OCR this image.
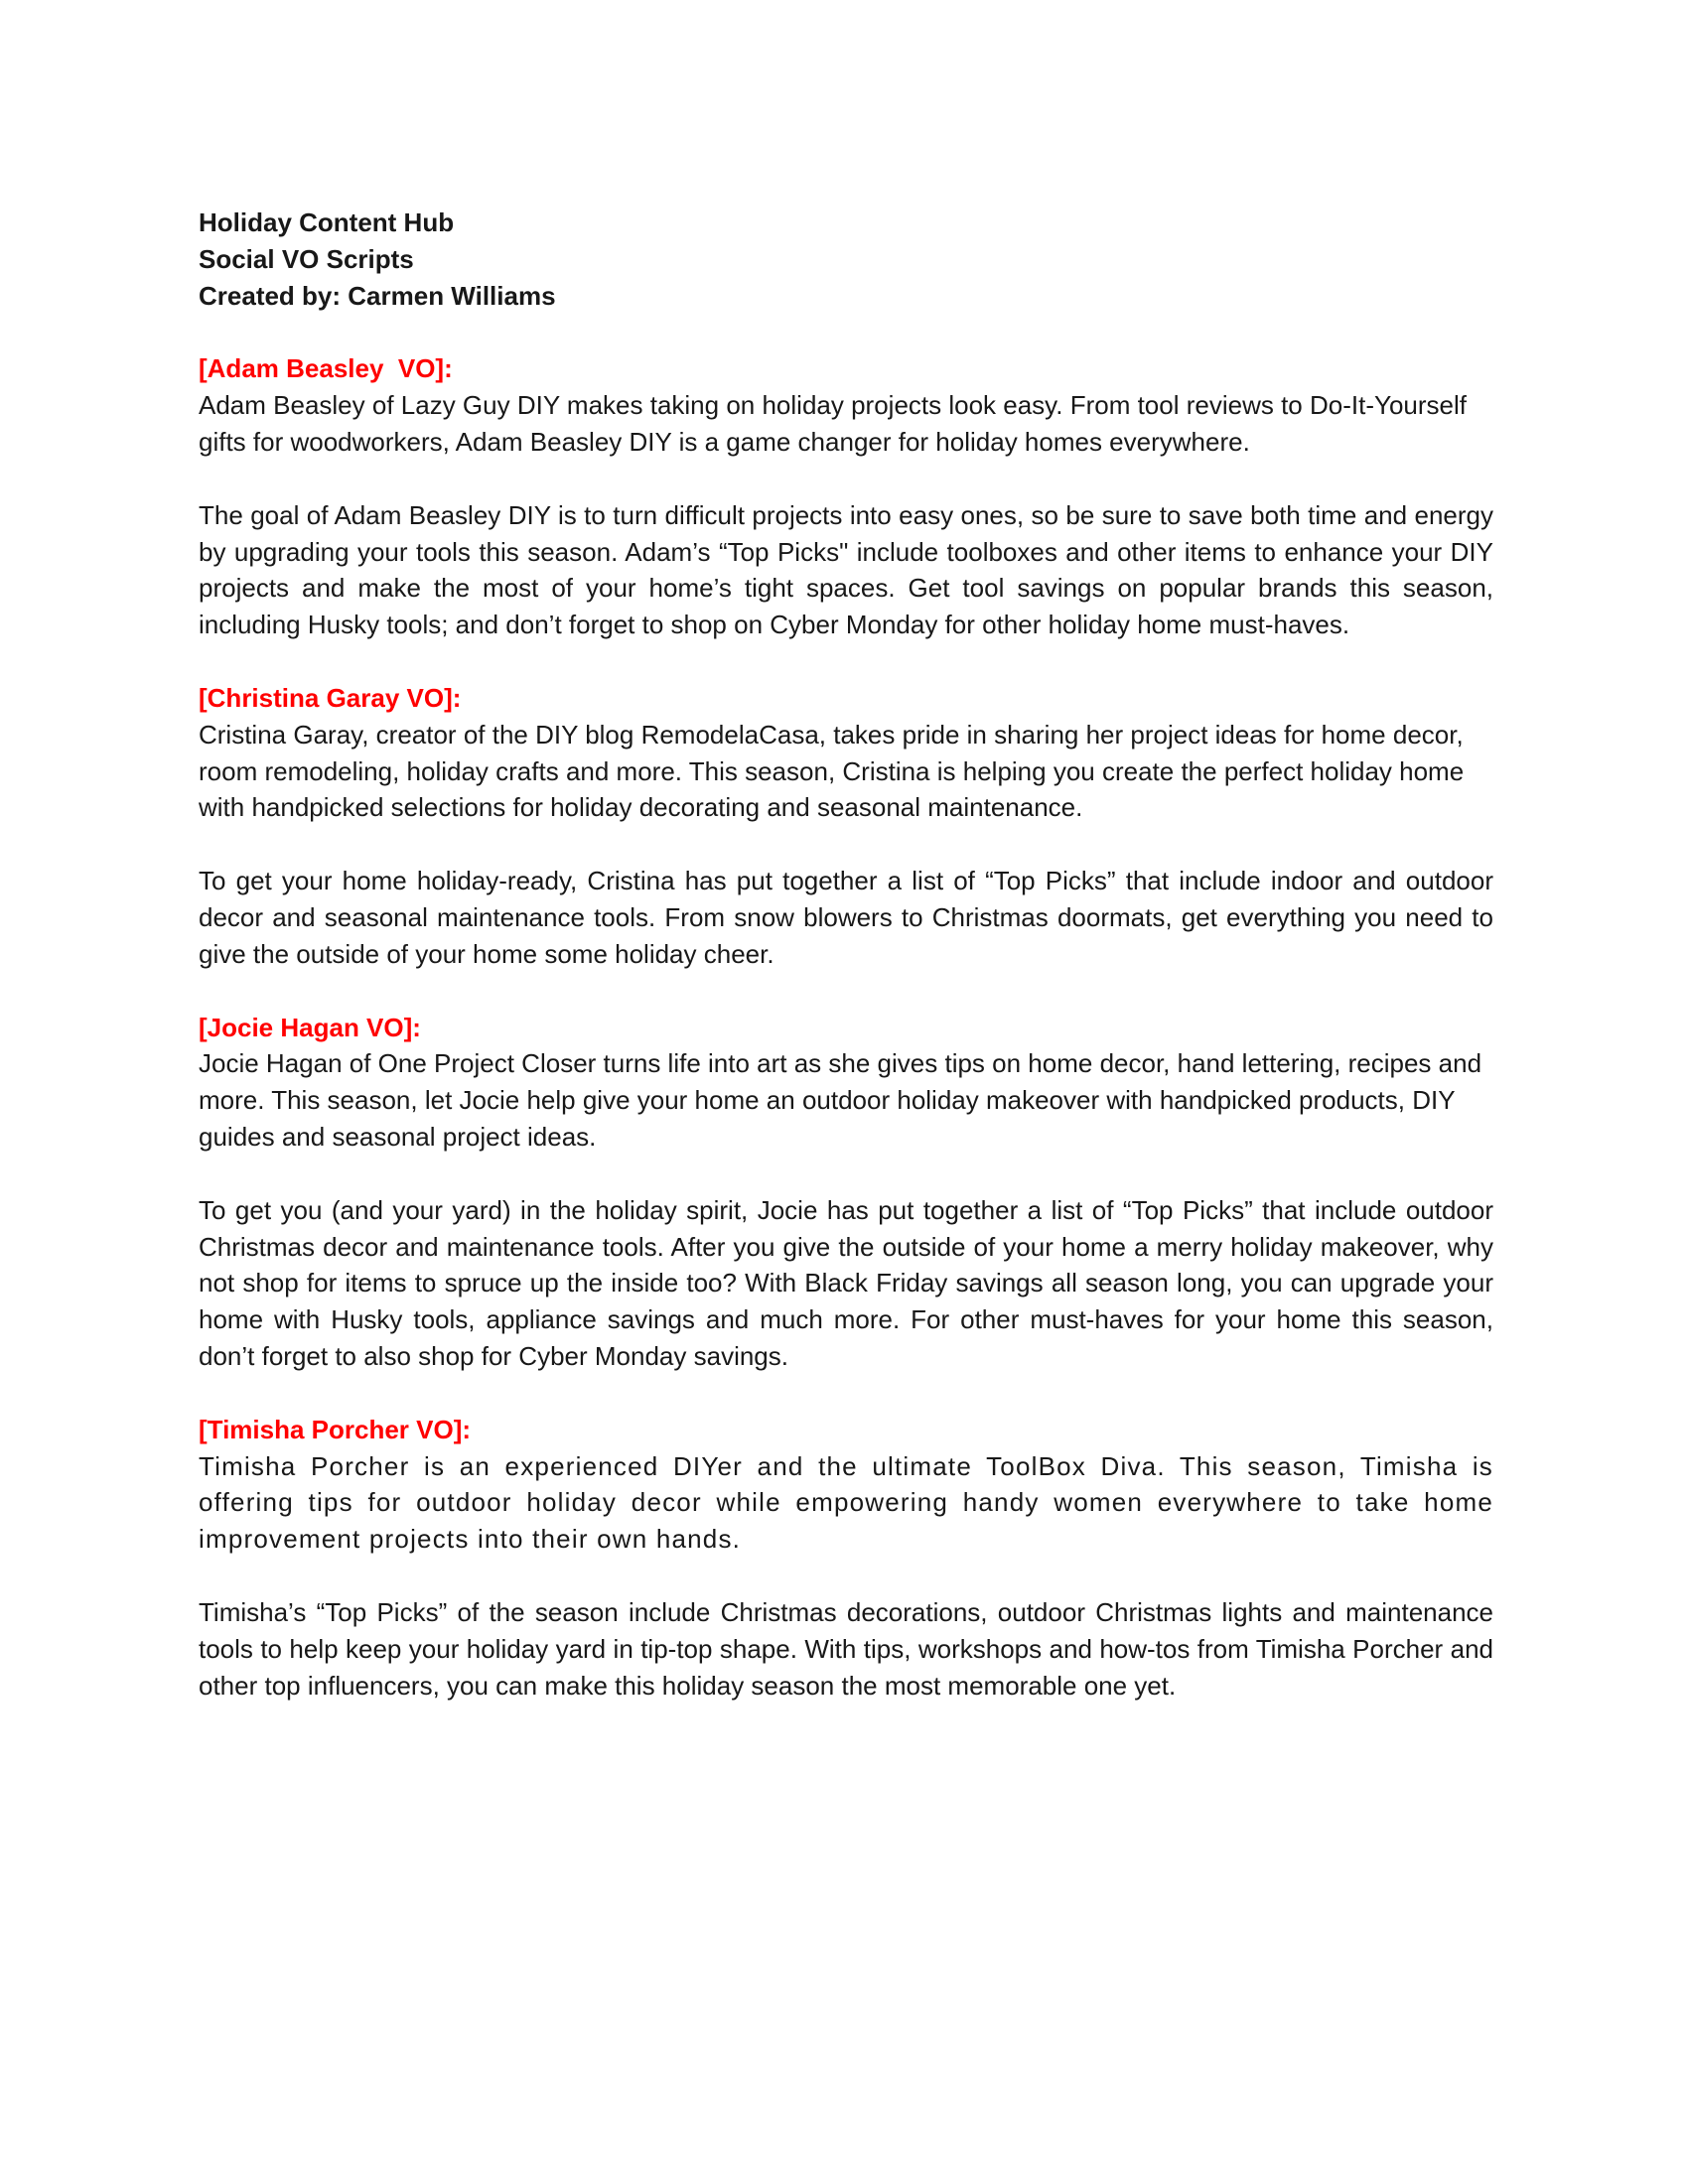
Holiday Content Hub

Social VO Scripts

Created by: Carmen Williams

[Adam Beasley  VO]:

Adam Beasley of Lazy Guy DIY makes taking on holiday projects look easy. From tool reviews to Do-It-Yourself gifts for woodworkers, Adam Beasley DIY is a game changer for holiday homes everywhere.

The goal of Adam Beasley DIY is to turn difficult projects into easy ones, so be sure to save both time and energy by upgrading your tools this season. Adam’s “Top Picks" include toolboxes and other items to enhance your DIY projects and make the most of your home’s tight spaces. Get tool savings on popular brands this season, including Husky tools; and don’t forget to shop on Cyber Monday for other holiday home must-haves.

[Christina Garay VO]:

Cristina Garay, creator of the DIY blog RemodelaCasa, takes pride in sharing her project ideas for home decor, room remodeling, holiday crafts and more. This season, Cristina is helping you create the perfect holiday home with handpicked selections for holiday decorating and seasonal maintenance.

To get your home holiday-ready, Cristina has put together a list of “Top Picks” that include indoor and outdoor decor and seasonal maintenance tools. From snow blowers to Christmas doormats, get everything you need to give the outside of your home some holiday cheer.

[Jocie Hagan VO]:

Jocie Hagan of One Project Closer turns life into art as she gives tips on home decor, hand lettering, recipes and more. This season, let Jocie help give your home an outdoor holiday makeover with handpicked products, DIY guides and seasonal project ideas.

To get you (and your yard) in the holiday spirit, Jocie has put together a list of “Top Picks” that include outdoor Christmas decor and maintenance tools. After you give the outside of your home a merry holiday makeover, why not shop for items to spruce up the inside too? With Black Friday savings all season long, you can upgrade your home with Husky tools, appliance savings and much more. For other must-haves for your home this season, don’t forget to also shop for Cyber Monday savings.

[Timisha Porcher VO]:

Timisha Porcher is an experienced DIYer and the ultimate ToolBox Diva. This season, Timisha is offering tips for outdoor holiday decor while empowering handy women everywhere to take home improvement projects into their own hands.

Timisha’s “Top Picks” of the season include Christmas decorations, outdoor Christmas lights and maintenance tools to help keep your holiday yard in tip-top shape. With tips, workshops and how-tos from Timisha Porcher and other top influencers, you can make this holiday season the most memorable one yet.
